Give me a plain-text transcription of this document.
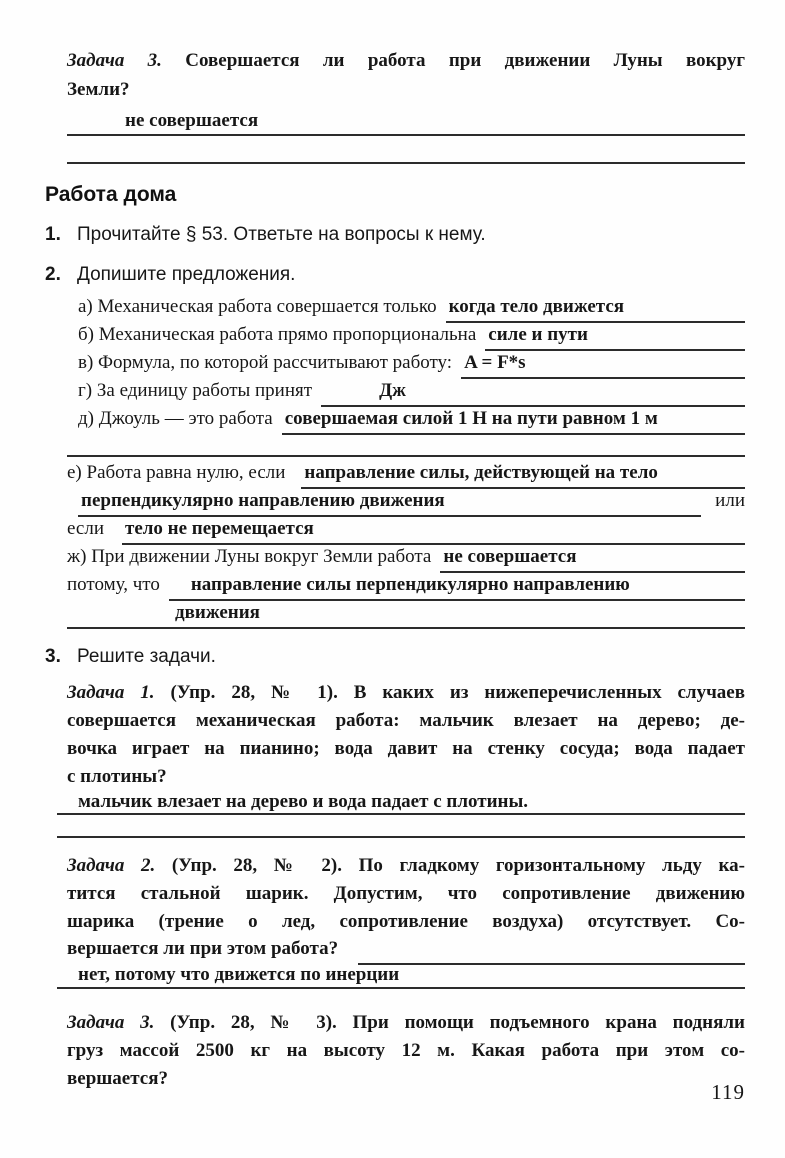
Задача 3. Совершается ли работа при движении Луны вокруг
Земли?
не совершается
Работа дома
1. Прочитайте § 53. Ответьте на вопросы к нему.
2. Допишите предложения.
а) Механическая работа совершается только когда тело движется

б) Механическая работа прямо пропорциональна силе и пути

в) Формула, по которой рассчитывают работу: A = F*s

г) За единицу работы принят	Дж

д) Джоуль — это работа совершаемая силой 1 Н на пути равном 1 м

е) Работа равна нулю, если	направление силы, действующей на тело

перпендикулярно направлению движения
	или
если	тело не перемещается

ж) При движении Луны вокруг Земли работа не совершается

потому, что	направление силы перпендикулярно направлению

движения
3. Решите задачи.
Задача 1. (Упр. 28, № 1). В каких из нижеперечисленных случаев
совершается механическая работа: мальчик влезает на дерево; де-
вочка играет на пианино; вода давит на стенку сосуда; вода падает
с плотины?
мальчик влезает на дерево и вода падает с плотины.
Задача 2. (Упр. 28, № 2). По гладкому горизонтальному льду ка-
тится стальной шарик. Допустим, что сопротивление движению
шарика (трение о лед, сопротивление воздуха) отсутствует. Со-
вершается ли при этом работа?

нет, потому что движется по инерции
Задача 3. (Упр. 28, № 3). При помощи подъемного крана подняли
груз массой 2500 кг на высоту 12 м. Какая работа при этом со-
вершается?
119
